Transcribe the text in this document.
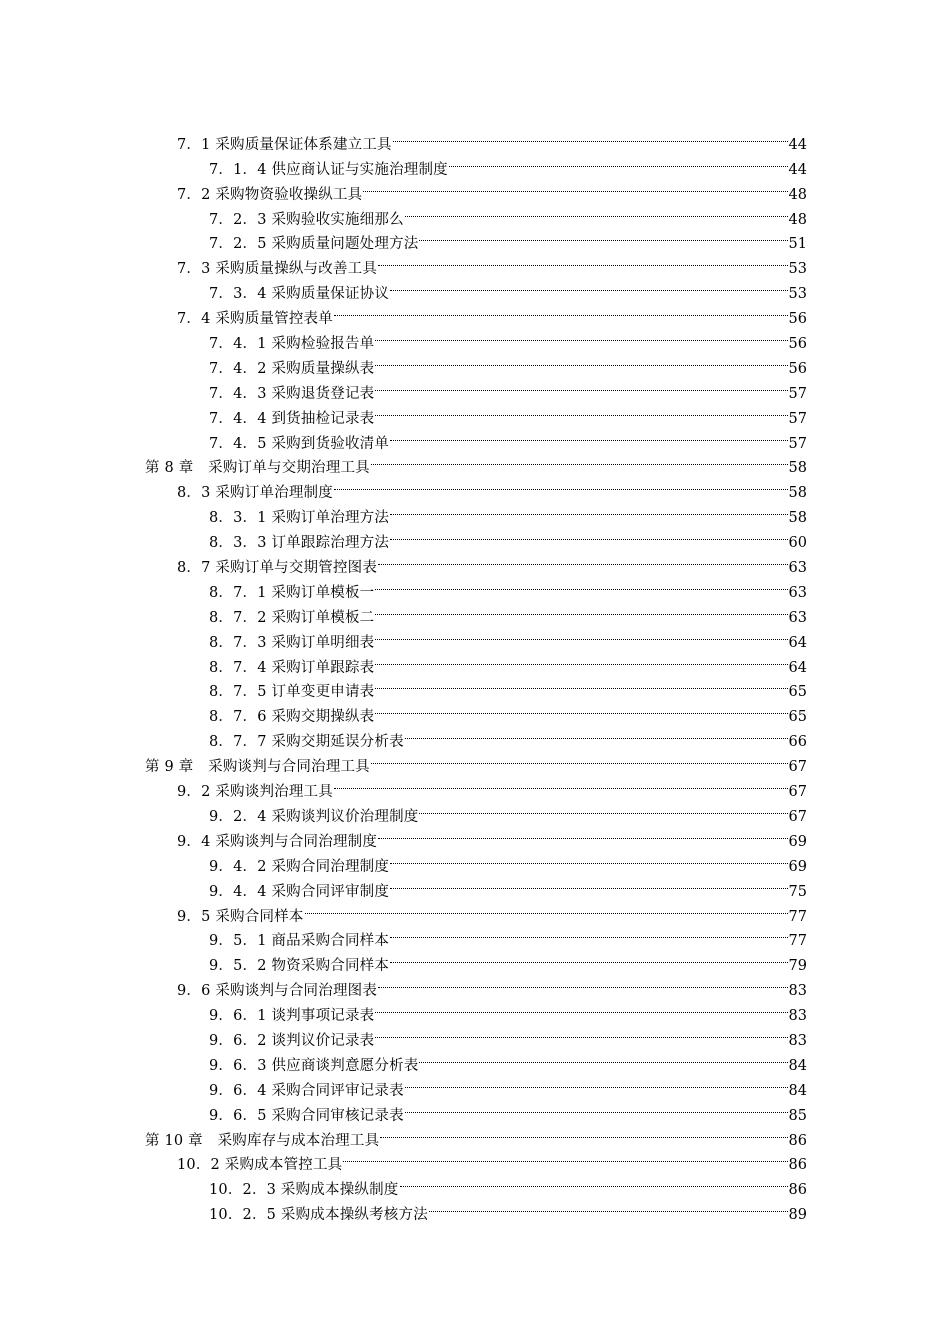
7．1 采购质量保证体系建立工具	44
7．1．4 供应商认证与实施治理制度	44
7．2 采购物资验收操纵工具	48
7．2．3 采购验收实施细那么	48
7．2．5 采购质量问题处理方法	51
7．3 采购质量操纵与改善工具	53
7．3．4 采购质量保证协议	53
7．4 采购质量管控表单	56
7．4．1 采购检验报告单	56
7．4．2 采购质量操纵表	56
7．4．3 采购退货登记表	57
7．4．4 到货抽检记录表	57
7．4．5 采购到货验收清单	57
第 8 章　采购订单与交期治理工具	58
8．3 采购订单治理制度	58
8．3．1 采购订单治理方法	58
8．3．3 订单跟踪治理方法	60
8．7 采购订单与交期管控图表	63
8．7．1 采购订单模板一	63
8．7．2 采购订单模板二	63
8．7．3 采购订单明细表	64
8．7．4 采购订单跟踪表	64
8．7．5 订单变更申请表	65
8．7．6 采购交期操纵表	65
8．7．7 采购交期延误分析表	66
第 9 章　采购谈判与合同治理工具	67
9．2 采购谈判治理工具	67
9．2．4 采购谈判议价治理制度	67
9．4 采购谈判与合同治理制度	69
9．4．2 采购合同治理制度	69
9．4．4 采购合同评审制度	75
9．5 采购合同样本	77
9．5．1 商品采购合同样本	77
9．5．2 物资采购合同样本	79
9．6 采购谈判与合同治理图表	83
9．6．1 谈判事项记录表	83
9．6．2 谈判议价记录表	83
9．6．3 供应商谈判意愿分析表	84
9．6．4 采购合同评审记录表	84
9．6．5 采购合同审核记录表	85
第 10 章　采购库存与成本治理工具	86
10．2 采购成本管控工具	86
10．2．3 采购成本操纵制度	86
10．2．5 采购成本操纵考核方法	89
